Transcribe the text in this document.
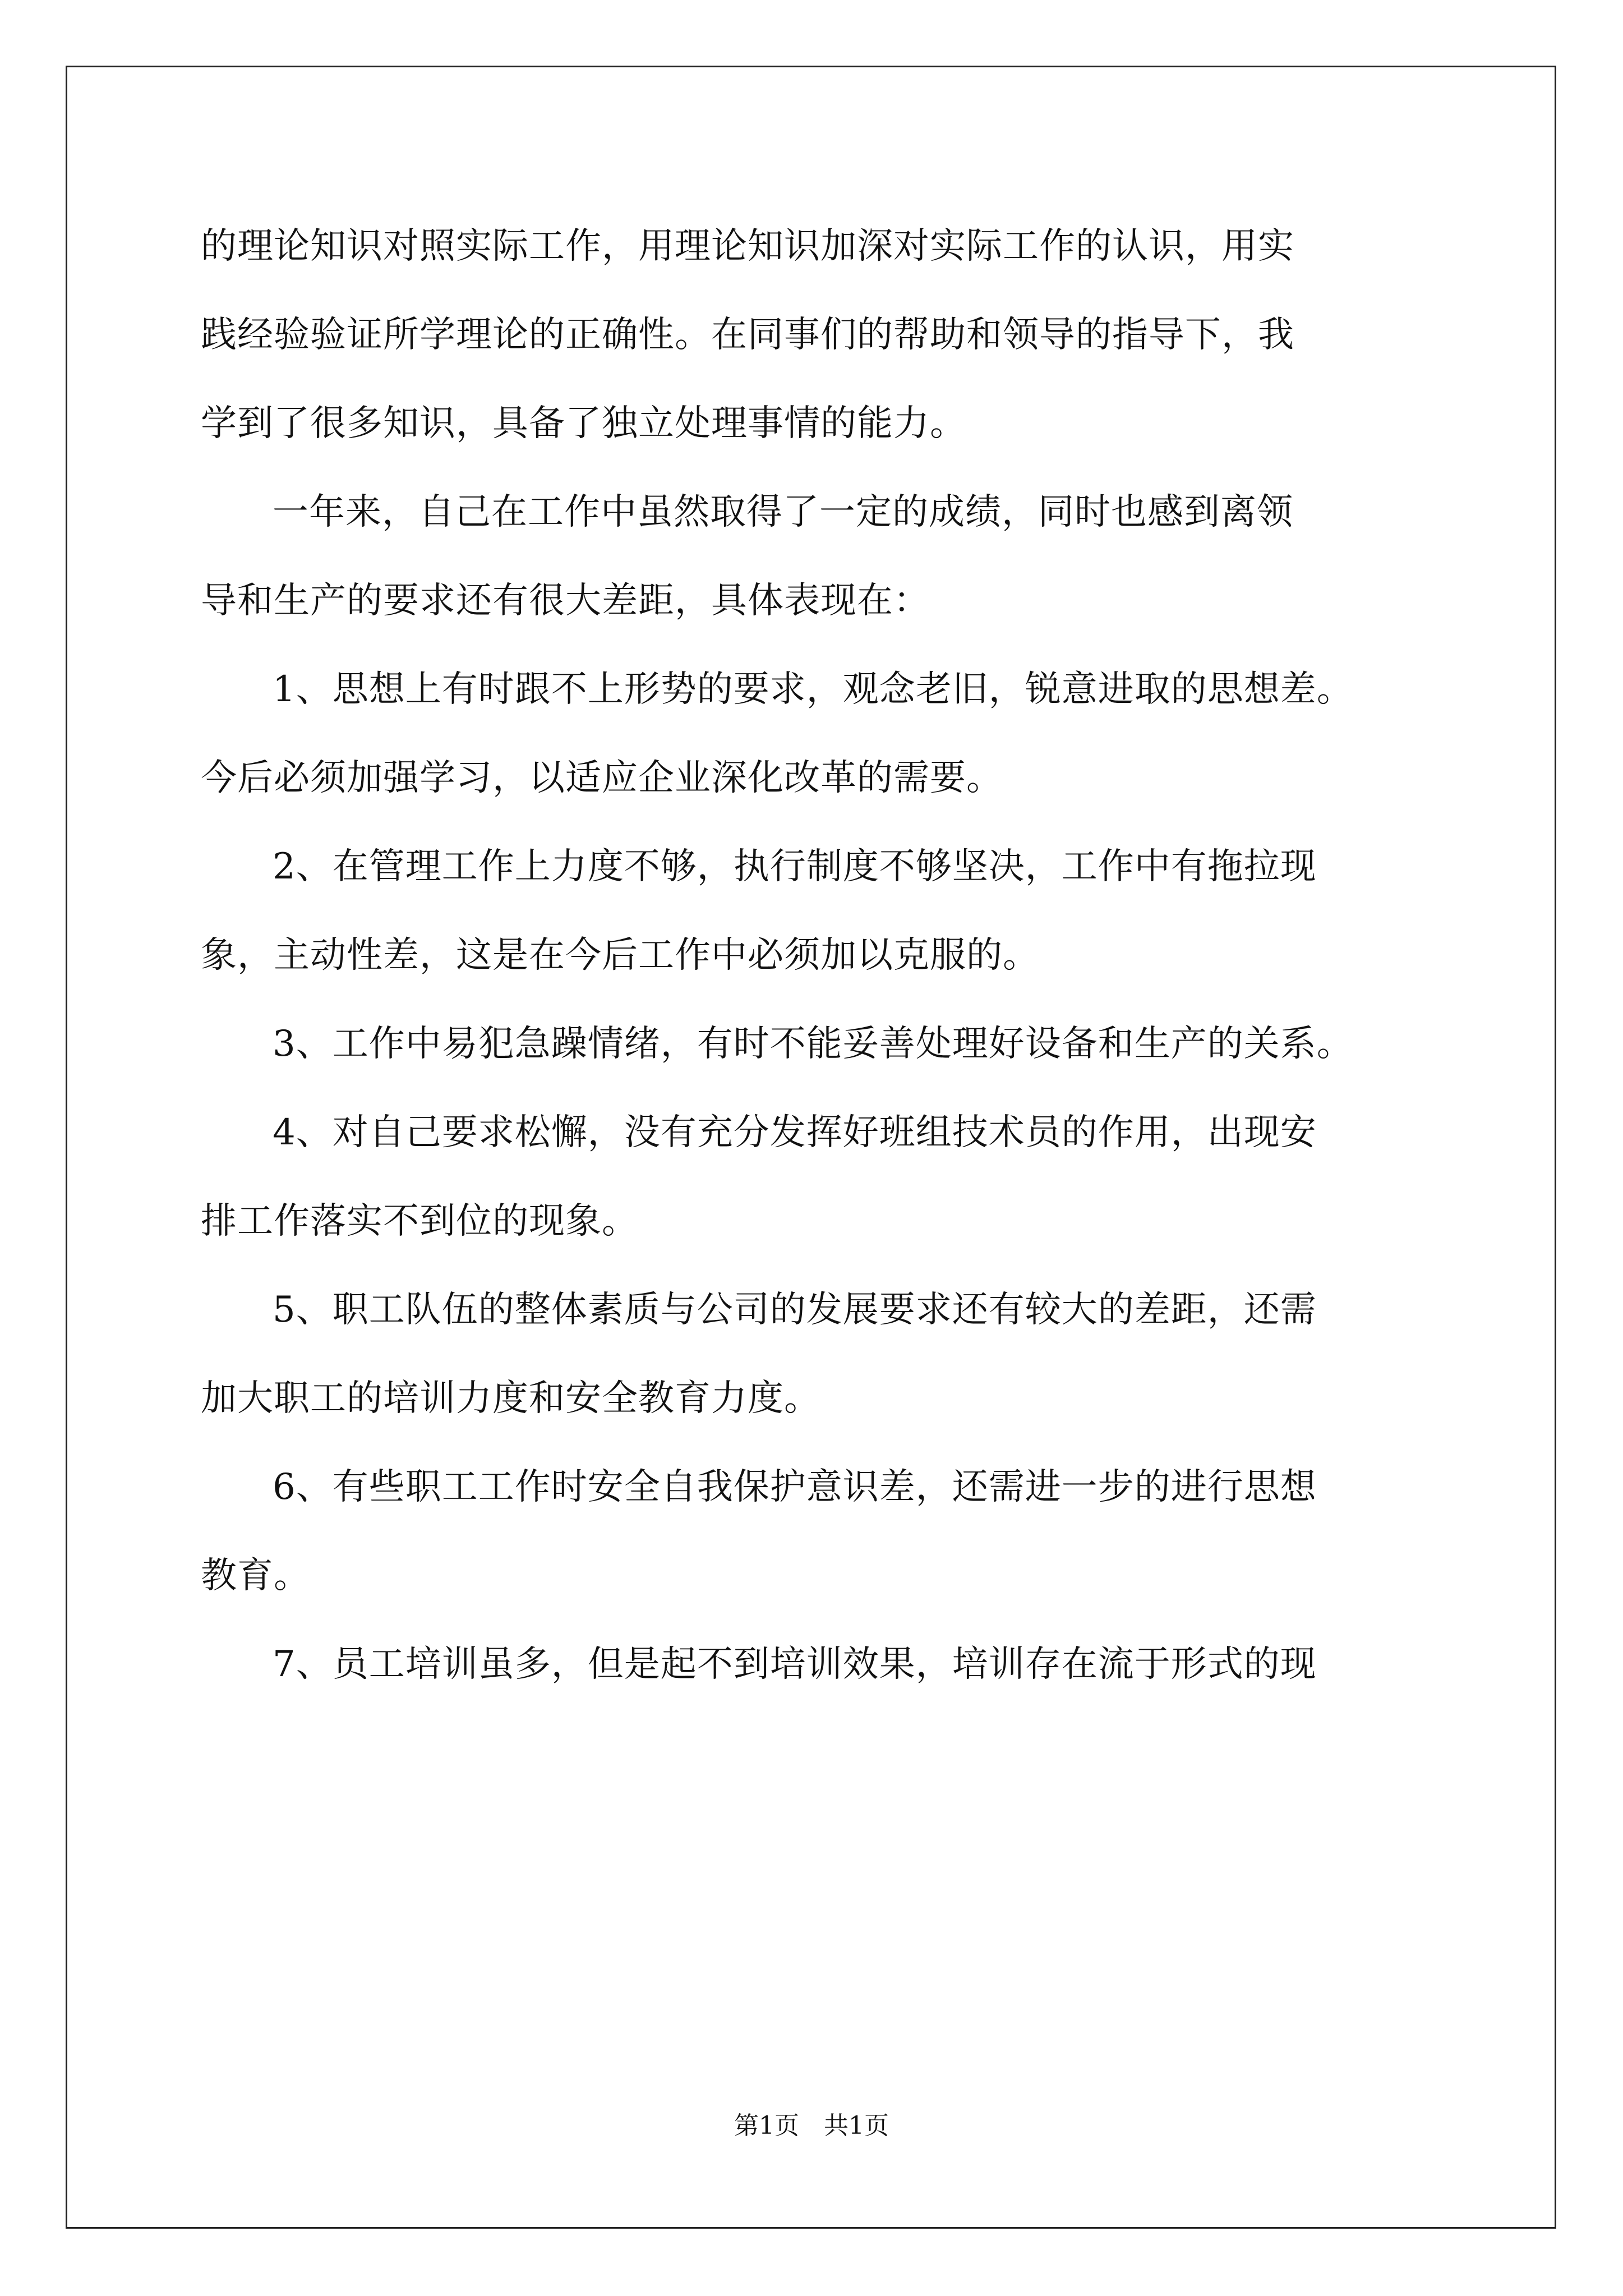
的理论知识对照实际工作，用理论知识加深对实际工作的认识，用实
践经验验证所学理论的正确性。在同事们的帮助和领导的指导下，我
学到了很多知识，具备了独立处理事情的能力。
一年来，自己在工作中虽然取得了一定的成绩，同时也感到离领
导和生产的要求还有很大差距，具体表现在：
1、思想上有时跟不上形势的要求，观念老旧，锐意进取的思想差。
今后必须加强学习，以适应企业深化改革的需要。
2、在管理工作上力度不够，执行制度不够坚决，工作中有拖拉现
象，主动性差，这是在今后工作中必须加以克服的。
3、工作中易犯急躁情绪，有时不能妥善处理好设备和生产的关系。
4、对自己要求松懈，没有充分发挥好班组技术员的作用，出现安
排工作落实不到位的现象。
5、职工队伍的整体素质与公司的发展要求还有较大的差距，还需
加大职工的培训力度和安全教育力度。
6、有些职工工作时安全自我保护意识差，还需进一步的进行思想
教育。
7、员工培训虽多，但是起不到培训效果，培训存在流于形式的现
第1页　共1页
